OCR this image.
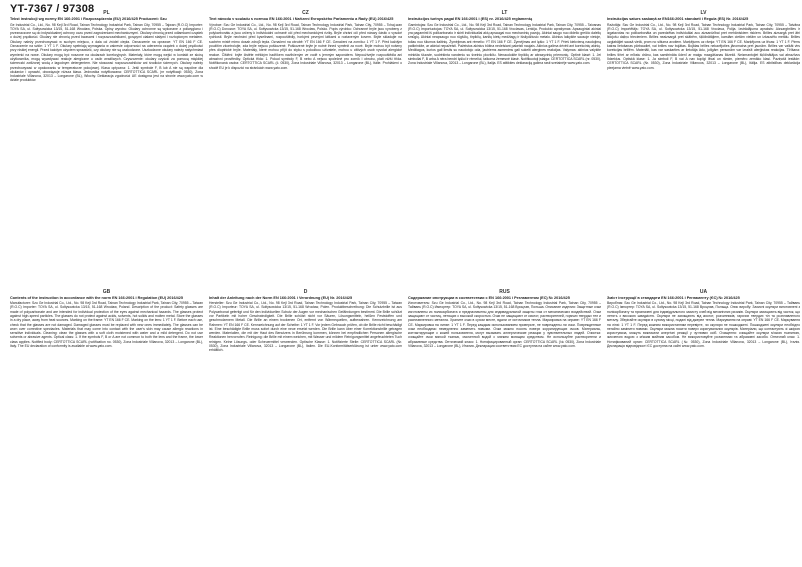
YT-7367 / 97308	PL
Tekst instrukcji wg normy EN 166:2001 i Rozporządzenia (EU) 2016/425 Producent: Szu

Ge Industrial Co., Ltd., No. 98 Kejl 3rd Road, Tainan Technology Industrial Park, Tainan City, 70955 – Tajwan (R.O.C) Importer: TOYA SA, ul. Sołtysowicka 13/15, 51-168 Wrocław, Polska. Opisy wyrobu: Okulary ochronne są wykonane z poliwęglanu i przeznaczone są do indywidualnej ochrony oczu przed zagrożeniami mechanicznymi. Okulary chronią przed odłamkami cząstek o dużej prędkości. Okulary nie chronią przed kwasami i rozpuszczalnikami, gorącymi ciałami stałymi i roztopionym metalem. Okulary należy przechowywać w suchym miejscu, z dala od źródeł ciepła. Oznaczenie na oprawce: YT EN 166 F CE. Oznaczenie na szkle: 1 YT 1 F. Okulary spełniają wymagania w zakresie odporności na uderzenia cząstek o dużej prędkości przy niskiej energii. Przed każdym użyciem sprawdzić, czy okulary nie są uszkodzone. Uszkodzone okulary należy natychmiast wymienić na nowe. Okulary mogą być noszone na okularach korekcyjnych. Materiały, które mogą wejść w kontakt ze skórą użytkownika, mogą wywoływać reakcje alergiczne u osób wrażliwych. Czyszczenie: okulary czyścić za pomocą miękkiej ściereczki zwilżonej wodą z łagodnym detergentem. Nie stosować rozpuszczalników ani środków ściernych. Okulary należy przechowywać w opakowaniu w temperaturze pokojowej. Klasa optyczna: 1. Jeśli symbole F, B lub A nie są wspólne dla okularów i oprawki, obowiązuje niższa klasa. Jednostka notyfikowana: CERTOTTICA SCARL (nr notyfikacji: 0530), Zona Industriale Villanova, 32013 – Longarone (BL), Włochy. Deklaracja zgodności UE dostępna jest na stronie www.yato.com w dziale produktów.

CZ
Text návodu v souladu s normou EN 166:2001 i Nařízení Evropského Parlamentu a Rady (EU) 2016/425

Výrobce: Szu Ge Industrial Co., Ltd., No. 98 Kejl 3rd Road, Tainan Technology Industrial Park, Tainan City, 70955 – Tchaj-wan (R.O.C) Dovozce: TOYA SA, ul. Sołtysowicka 13/15, 51-168 Wrocław, Polsko. Popis výrobku: Ochranné brýle jsou vyrobeny z polykarbonátu a jsou určeny k individuální ochraně očí před mechanickými riziky. Brýle chrání oči před nárazy částic o vysoké rychlosti. Brýle nechrání před kyselinami, rozpouštědly, horkými pevnými látkami a roztaveným kovem. Brýle skladujte na suchém místě mimo dosah zdrojů tepla. Označení na obrubě: YT EN 166 F CE. Označení na zorníku: 1 YT 1 F. Před každým použitím zkontrolujte, zda brýle nejsou poškozené. Poškozené brýle je nutné ihned vyměnit za nové. Brýle mohou být nošeny přes dioptrické brýle. Materiály, které mohou přijít do styku s pokožkou uživatele, mohou u citlivých osob vyvolat alergické reakce. Čištění: brýle čistěte měkkým hadříkem navlhčeným ve vodě s jemným saponátem. Nepoužívejte rozpouštědla ani abrazivní prostředky. Optická třída: 1. Pokud symboly F, B nebo A nejsou společné pro zorník i obrubu, platí nižší třída. Notifikovaná osoba: CERTOTTICA SCARL (č. 0530), Zona Industriale Villanova, 32013 – Longarone (BL), Itálie. Prohlášení o shodě EU je k dispozici na stránkách www.yato.com.

LT
Instrukcijos turinys pagal EN 166:2001 i (ES) nr. 2016/425 reglamentą

Gamintojas: Szu Ge Industrial Co., Ltd., No. 98 Kejl 3rd Road, Tainan Technology Industrial Park, Tainan City, 70955 – Taivanas (R.O.C) Importuotojas: TOYA SA, ul. Sołtysowicka 13/15, 51-168 Vroclavas, Lenkija. Produkto aprašymas: Apsauginiai akiniai yra pagaminti iš polikarbonato ir skirti individualiai akių apsaugai nuo mechaninių pavojų. Akiniai saugo nuo didelio greičio dalelių smūgių. Akiniai neapsaugo nuo rūgščių, tirpiklių, karštų kietų medžiagų ir išsilydžiusio metalo. Akinius laikykite sausoje vietoje, toliau nuo šilumos šaltinių. Žymėjimas ant rėmelio: YT EN 166 F CE. Žymėjimas ant lęšio: 1 YT 1 F. Prieš kiekvieną naudojimą patikrinkite, ar akiniai nepažeisti. Pažeistus akinius būtina nedelsiant pakeisti naujais. Akinius galima dėvėti ant korekcinių akinių. Medžiagos, kurios gali liestis su naudotojo oda, jautriems asmenims gali sukelti alergines reakcijas. Valymas: akinius valykite minkšta šluoste, sudrėkinta vandeniu su švelniu plovikliu. Nenaudokite tirpiklių ar abrazyvinių priemonių. Optinė klasė: 1. Jei simboliai F, B arba A nėra bendri lęšiui ir rėmeliui, taikoma žemesnė klasė. Notifikuotoji įstaiga: CERTOTTICA SCARL (nr. 0530), Zona Industriale Villanova, 32013 – Longarone (BL), Italija. ES atitikties deklaraciją galima rasti svetainėje www.yato.com.

LV
Instrukcijas saturs saskaņā ar EN166:2001 standarti i Regula (ES) Nr. 2016/425

Ražotājs: Szu Ge Industrial Co., Ltd., No. 98 Kejl 3rd Road, Tainan Technology Industrial Park, Tainan City, 70955 – Taivāna (R.O.C) Importētājs: TOYA SA, ul. Sołtysowicka 13/15, 51-168 Vroclava, Polija. Izstrādājuma apraksts: Aizsargbrilles ir izgatavotas no polikarbonāta un paredzētas individuālai acu aizsardzībai pret mehāniskiem riskiem. Brilles aizsargā pret ātri lidojošu daļiņu triecieniem. Brilles neaizsargā pret skābēm, šķīdinātājiem, karstām cietām vielām un izkausētu metālu. Brilles uzglabājiet sausā vietā, prom no siltuma avotiem. Marķējums uz rāmja: YT EN 166 F CE. Marķējums uz lēcas: 1 YT 1 F. Pirms katras lietošanas pārbaudiet, vai brilles nav bojātas. Bojātas brilles nekavējoties jānomaina pret jaunām. Brilles var valkāt virs korekcijas brillēm. Materiāli, kas var saskarties ar lietotāja ādu, jutīgām personām var izraisīt alerģiskas reakcijas. Tīrīšana: brilles tīriet ar mīkstu drānu, kas samitrināta ūdenī ar maigu mazgāšanas līdzekli. Neizmantojiet šķīdinātājus vai abrazīvus līdzekļus. Optiskā klase: 1. Ja simboli F, B vai A nav kopīgi lēcai un rāmim, piemēro zemāko klasi. Paziņotā iestāde: CERTOTTICA SCARL (Nr. 0530), Zona Industriale Villanova, 32013 – Longarone (BL), Itālija. ES atbilstības deklarācija pieejama vietnē www.yato.com.

GB
Contents of the instruction in accordance with the norm EN 166:2001 i Regulation (EU) 2016/425

Manufacturer: Szu Ge Industrial Co., Ltd., No. 98 Kejl 3rd Road, Tainan Technology Industrial Park, Tainan City, 70955 – Taiwan (R.O.C) Importer: TOYA SA, ul. Sołtysowicka 13/15, 51-168 Wrocław, Poland. Description of the product: Safety glasses are made of polycarbonate and are intended for individual protection of the eyes against mechanical hazards. The glasses protect against high-speed particles. The glasses do not protect against acids, solvents, hot solids and molten metal. Store the glasses in a dry place, away from heat sources. Marking on the frame: YT EN 166 F CE. Marking on the lens: 1 YT 1 F. Before each use, check that the glasses are not damaged. Damaged glasses must be replaced with new ones immediately. The glasses can be worn over corrective spectacles. Materials that may come into contact with the user's skin may cause allergic reactions in sensitive individuals. Cleaning: clean the glasses with a soft cloth moistened with water and a mild detergent. Do not use solvents or abrasive agents. Optical class: 1. If the symbols F, B or A are not common to both the lens and the frame, the lower class applies. Notified body: CERTOTTICA SCARL (notification no. 0530), Zona Industriale Villanova, 32013 – Longarone (BL), Italy. The EU declaration of conformity is available at www.yato.com.

D
Inhalt der Anleitung nach der Norm EN 166:2001 i Verordnung (EU) Nr. 2016/425

Hersteller: Szu Ge Industrial Co., Ltd., No. 98 Kejl 3rd Road, Tainan Technology Industrial Park, Tainan City, 70955 – Taiwan (R.O.C) Importeur: TOYA SA, ul. Sołtysowicka 13/15, 51-168 Wrocław, Polen. Produktbeschreibung: Die Schutzbrille ist aus Polycarbonat gefertigt und für den individuellen Schutz der Augen vor mechanischen Gefährdungen bestimmt. Die Brille schützt vor Partikeln mit hoher Geschwindigkeit. Die Brille schützt nicht vor Säuren, Lösungsmitteln, heißen Feststoffen und geschmolzenem Metall. Die Brille an einem trockenen Ort, entfernt von Wärmequellen, aufbewahren. Kennzeichnung am Rahmen: YT EN 166 F CE. Kennzeichnung auf der Scheibe: 1 YT 1 F. Vor jedem Gebrauch prüfen, ob die Brille nicht beschädigt ist. Eine beschädigte Brille muss sofort durch eine neue ersetzt werden. Die Brille kann über einer Korrektionsbrille getragen werden. Materialien, die mit der Haut des Benutzers in Berührung kommen, können bei empfindlichen Personen allergische Reaktionen hervorrufen. Reinigung: die Brille mit einem weichen, mit Wasser und mildem Reinigungsmittel angefeuchteten Tuch reinigen. Keine Lösungs- oder Scheuermittel verwenden. Optische Klasse: 1. Notifizierte Stelle: CERTOTTICA SCARL (Nr. 0530), Zona Industriale Villanova, 32013 – Longarone (BL), Italien. Die EU-Konformitätserklärung ist unter www.yato.com erhältlich.

RUS
Содержание инструкции в соответствии с EN 166:2001 i Регламентом (ЕС) № 2016/425

Изготовитель: Szu Ge Industrial Co., Ltd., No. 98 Kejl 3rd Road, Tainan Technology Industrial Park, Tainan City, 70955 – Тайвань (R.O.C) Импортер: TOYA SA, ul. Sołtysowicka 13/15, 51-168 Вроцлав, Польша. Описание изделия: Защитные очки изготовлены из поликарбоната и предназначены для индивидуальной защиты глаз от механических воздействий. Очки защищают от частиц, летящих с высокой скоростью. Очки не защищают от кислот, растворителей, горячих твердых тел и расплавленного металла. Храните очки в сухом месте, вдали от источников тепла. Маркировка на оправе: YT EN 166 F CE. Маркировка на линзе: 1 YT 1 F. Перед каждым использованием проверьте, не повреждены ли очки. Поврежденные очки необходимо немедленно заменить новыми. Очки можно носить поверх корригирующих очков. Материалы, контактирующие с кожей пользователя, могут вызывать аллергические реакции у чувствительных людей. Очистка: очищайте очки мягкой тканью, смоченной водой с мягким моющим средством. Не используйте растворители и абразивные средства. Оптический класс: 1. Нотифицированный орган: CERTOTTICA SCARL (№ 0530), Zona Industriale Villanova, 32013 – Longarone (BL), Италия. Декларация соответствия ЕС доступна на сайте www.yato.com.

UA
Зміст інструкції в стандарти EN 166:2001 i Регламенту (ЄС) № 2016/425

Виробник: Szu Ge Industrial Co., Ltd., No. 98 Kejl 3rd Road, Tainan Technology Industrial Park, Tainan City, 70955 – Тайвань (R.O.C) Імпортер: TOYA SA, ul. Sołtysowicka 13/15, 51-168 Вроцлав, Польща. Опис виробу: Захисні окуляри виготовлені з полікарбонату та призначені для індивідуального захисту очей від механічних ризиків. Окуляри захищають від часток, що летять з високою швидкістю. Окуляри не захищають від кислот, розчинників, гарячих твердих тіл та розплавленого металу. Зберігайте окуляри в сухому місці, подалі від джерел тепла. Маркування на оправі: YT EN 166 F CE. Маркування на лінзі: 1 YT 1 F. Перед кожним використанням перевірте, чи окуляри не пошкоджені. Пошкоджені окуляри необхідно негайно замінити новими. Окуляри можна носити поверх коригувальних окулярів. Матеріали, що контактують зі шкірою користувача, можуть викликати алергічні реакції у чутливих осіб. Очищення: очищайте окуляри м'якою тканиною, змоченою водою з м'яким мийним засобом. Не використовуйте розчинники та абразивні засоби. Оптичний клас: 1. Нотифікований орган: CERTOTTICA SCARL (№ 0530), Zona Industriale Villanova, 32013 – Longarone (BL), Італія. Декларація відповідності ЄС доступна на сайті www.yato.com.
